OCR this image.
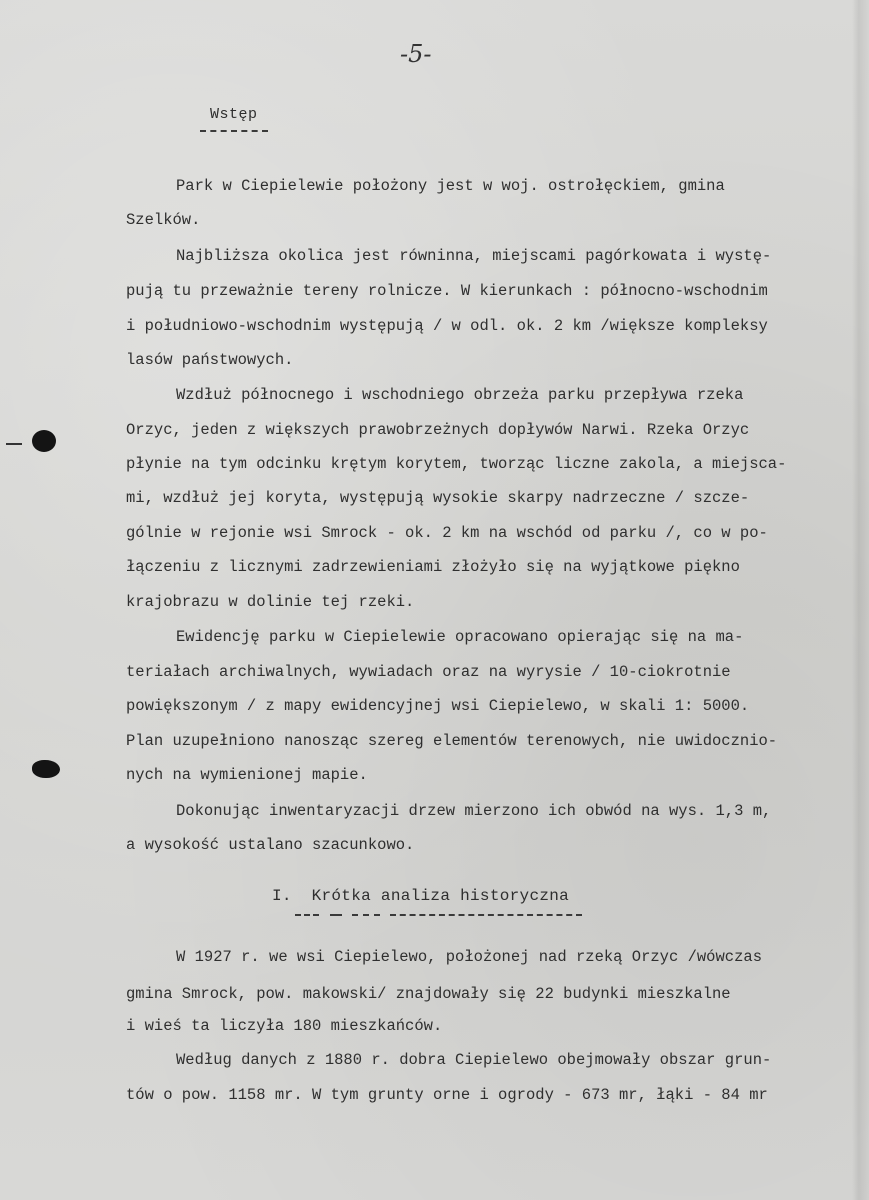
-5-
Wstęp
Park w Ciepielewie położony jest w woj. ostrołęckiem, gmina
Szelków.
Najbliższa okolica jest równinna, miejscami pagórkowata i wystę-
pują tu przeważnie tereny rolnicze. W kierunkach : północno-wschodnim
i południowo-wschodnim występują / w odl. ok. 2 km /większe kompleksy
lasów państwowych.
Wzdłuż północnego i wschodniego obrzeża parku przepływa rzeka
Orzyc, jeden z większych prawobrzeżnych dopływów Narwi. Rzeka Orzyc
płynie na tym odcinku krętym korytem, tworząc liczne zakola, a miejsca-
mi, wzdłuż jej koryta, występują wysokie skarpy nadrzeczne / szcze-
gólnie w rejonie wsi Smrock - ok. 2 km na wschód od parku /, co w po-
łączeniu z licznymi zadrzewieniami złożyło się na wyjątkowe piękno
krajobrazu w dolinie tej rzeki.
Ewidencję parku w Ciepielewie opracowano opierając się na ma-
teriałach archiwalnych, wywiadach oraz na wyrysie / 10-ciokrotnie
powiększonym / z mapy ewidencyjnej wsi Ciepielewo, w skali 1: 5000.
Plan uzupełniono nanosząc szereg elementów terenowych, nie uwidocznio-
nych na wymienionej mapie.
Dokonując inwentaryzacji drzew mierzono ich obwód na wys. 1,3 m,
a wysokość ustalano szacunkowo.
I.  Krótka analiza historyczna
W 1927 r. we wsi Ciepielewo, położonej nad rzeką Orzyc /wówczas
gmina Smrock, pow. makowski/ znajdowały się 22 budynki mieszkalne
i wieś ta liczyła 180 mieszkańców.
Według danych z 1880 r. dobra Ciepielewo obejmowały obszar grun-
tów o pow. 1158 mr. W tym grunty orne i ogrody - 673 mr, łąki - 84 mr
